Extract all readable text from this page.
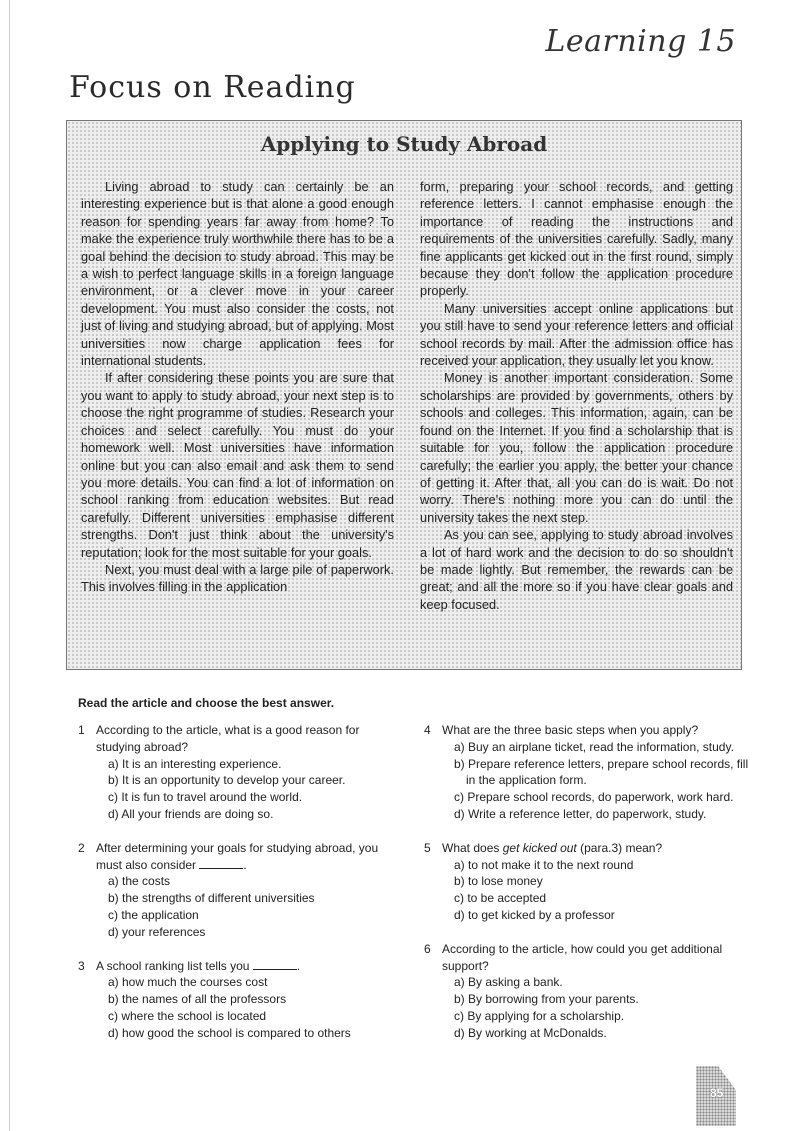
Learning 15
Focus on Reading
Applying to Study Abroad

Living abroad to study can certainly be an interesting experience but is that alone a good enough reason for spending years far away from home? To make the experience truly worthwhile there has to be a goal behind the decision to study abroad. This may be a wish to perfect language skills in a foreign language environment, or a clever move in your career development. You must also consider the costs, not just of living and studying abroad, but of applying. Most universities now charge application fees for international students.

If after considering these points you are sure that you want to apply to study abroad, your next step is to choose the right programme of studies. Research your choices and select carefully. You must do your homework well. Most universities have information online but you can also email and ask them to send you more details. You can find a lot of information on school ranking from education websites. But read carefully. Different universities emphasise different strengths. Don't just think about the university's reputation; look for the most suitable for your goals.

Next, you must deal with a large pile of paperwork. This involves filling in the application

form, preparing your school records, and getting reference letters. I cannot emphasise enough the importance of reading the instructions and requirements of the universities carefully. Sadly, many fine applicants get kicked out in the first round, simply because they don't follow the application procedure properly.

Many universities accept online applications but you still have to send your reference letters and official school records by mail. After the admission office has received your application, they usually let you know.

Money is another important consideration. Some scholarships are provided by governments, others by schools and colleges. This information, again, can be found on the Internet. If you find a scholarship that is suitable for you, follow the application procedure carefully; the earlier you apply, the better your chance of getting it. After that, all you can do is wait. Do not worry. There's nothing more you can do until the university takes the next step.

As you can see, applying to study abroad involves a lot of hard work and the decision to do so shouldn't be made lightly. But remember, the rewards can be great; and all the more so if you have clear goals and keep focused.

Read the article and choose the best answer.
1 According to the article, what is a good reason for studying abroad?
a) It is an interesting experience.
b) It is an opportunity to develop your career.
c) It is fun to travel around the world.
d) All your friends are doing so.
2 After determining your goals for studying abroad, you must also consider	.
a) the costs
b) the strengths of different universities
c) the application
d) your references
3 A school ranking list tells you	.
a) how much the courses cost
b) the names of all the professors
c) where the school is located
d) how good the school is compared to others
4 What are the three basic steps when you apply?
a) Buy an airplane ticket, read the information, study.
b) Prepare reference letters, prepare school records, fill in the application form.
c) Prepare school records, do paperwork, work hard.
d) Write a reference letter, do paperwork, study.
5 What does get kicked out (para.3) mean?
a) to not make it to the next round
b) to lose money
c) to be accepted
d) to get kicked by a professor
6 According to the article, how could you get additional support?
a) By asking a bank.
b) By borrowing from your parents.
c) By applying for a scholarship.
d) By working at McDonalds.
85
